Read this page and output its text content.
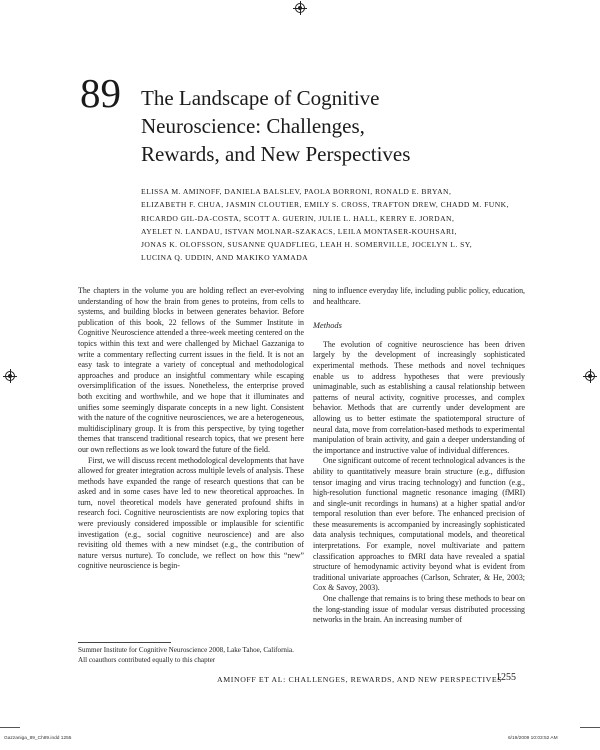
89 The Landscape of Cognitive
Neuroscience: Challenges,
Rewards, and New Perspectives
ELISSA M. AMINOFF, DANIELA BALSLEV, PAOLA BORRONI, RONALD E. BRYAN,
ELIZABETH F. CHUA, JASMIN CLOUTIER, EMILY S. CROSS, TRAFTON DREW, CHADD M. FUNK,
RICARDO GIL-DA-COSTA, SCOTT A. GUERIN, JULIE L. HALL, KERRY E. JORDAN,
AYELET N. LANDAU, ISTVAN MOLNAR-SZAKACS, LEILA MONTASER-KOUHSARI,
JONAS K. OLOFSSON, SUSANNE QUADFLIEG, LEAH H. SOMERVILLE, JOCELYN L. SY,
LUCINA Q. UDDIN, AND MAKIKO YAMADA

The chapters in the volume you are holding reflect an ever-evolving understanding of how the brain from genes to proteins, from cells to systems, and building blocks in between generates behavior. Before publication of this book, 22 fellows of the Summer Institute in Cognitive Neuroscience attended a three-week meeting centered on the topics within this text and were challenged by Michael Gazzaniga to write a commentary reflecting current issues in the field. It is not an easy task to integrate a variety of conceptual and methodological approaches and produce an insightful commentary while escaping oversimplification of the issues. Nonetheless, the enterprise proved both exciting and worthwhile, and we hope that it illuminates and unifies some seemingly disparate concepts in a new light. Consistent with the nature of the cognitive neurosciences, we are a heterogeneous, multidisciplinary group. It is from this perspective, by tying together themes that transcend traditional research topics, that we present here our own reflections as we look toward the future of the field.

First, we will discuss recent methodological developments that have allowed for greater integration across multiple levels of analysis. These methods have expanded the range of research questions that can be asked and in some cases have led to new theoretical approaches. In turn, novel theoretical models have generated profound shifts in research foci. Cognitive neuroscientists are now exploring topics that were previously considered impossible or implausible for scientific investigation (e.g., social cognitive neuroscience) and are also revisiting old themes with a new mindset (e.g., the contribution of nature versus nurture). To conclude, we reflect on how this “new” cognitive neuroscience is begin-

ning to influence everyday life, including public policy, education, and healthcare.

Methods

The evolution of cognitive neuroscience has been driven largely by the development of increasingly sophisticated experimental methods. These methods and novel techniques enable us to address hypotheses that were previously unimaginable, such as establishing a causal relationship between patterns of neural activity, cognitive processes, and complex behavior. Methods that are currently under development are allowing us to better estimate the spatiotemporal structure of neural data, move from correlation-based methods to experimental manipulation of brain activity, and gain a deeper understanding of the importance and instructive value of individual differences.

One significant outcome of recent technological advances is the ability to quantitatively measure brain structure (e.g., diffusion tensor imaging and virus tracing technology) and function (e.g., high-resolution functional magnetic resonance imaging (fMRI) and single-unit recordings in humans) at a higher spatial and/or temporal resolution than ever before. The enhanced precision of these measurements is accompanied by increasingly sophisticated data analysis techniques, computational models, and theoretical interpretations. For example, novel multivariate and pattern classification approaches to fMRI data have revealed a spatial structure of hemodynamic activity beyond what is evident from traditional univariate approaches (Carlson, Schrater, & He, 2003; Cox & Savoy, 2003).

One challenge that remains is to bring these methods to bear on the long-standing issue of modular versus distributed processing networks in the brain. An increasing number of

Summer Institute for Cognitive Neuroscience 2008, Lake Tahoe, California. All coauthors contributed equally to this chapter
AMINOFF ET AL: CHALLENGES, REWARDS, AND NEW PERSPECTIVES
1255
Gazzaniga_89_Ch89.indd 1255	6/19/2009 10:03:52 AM
